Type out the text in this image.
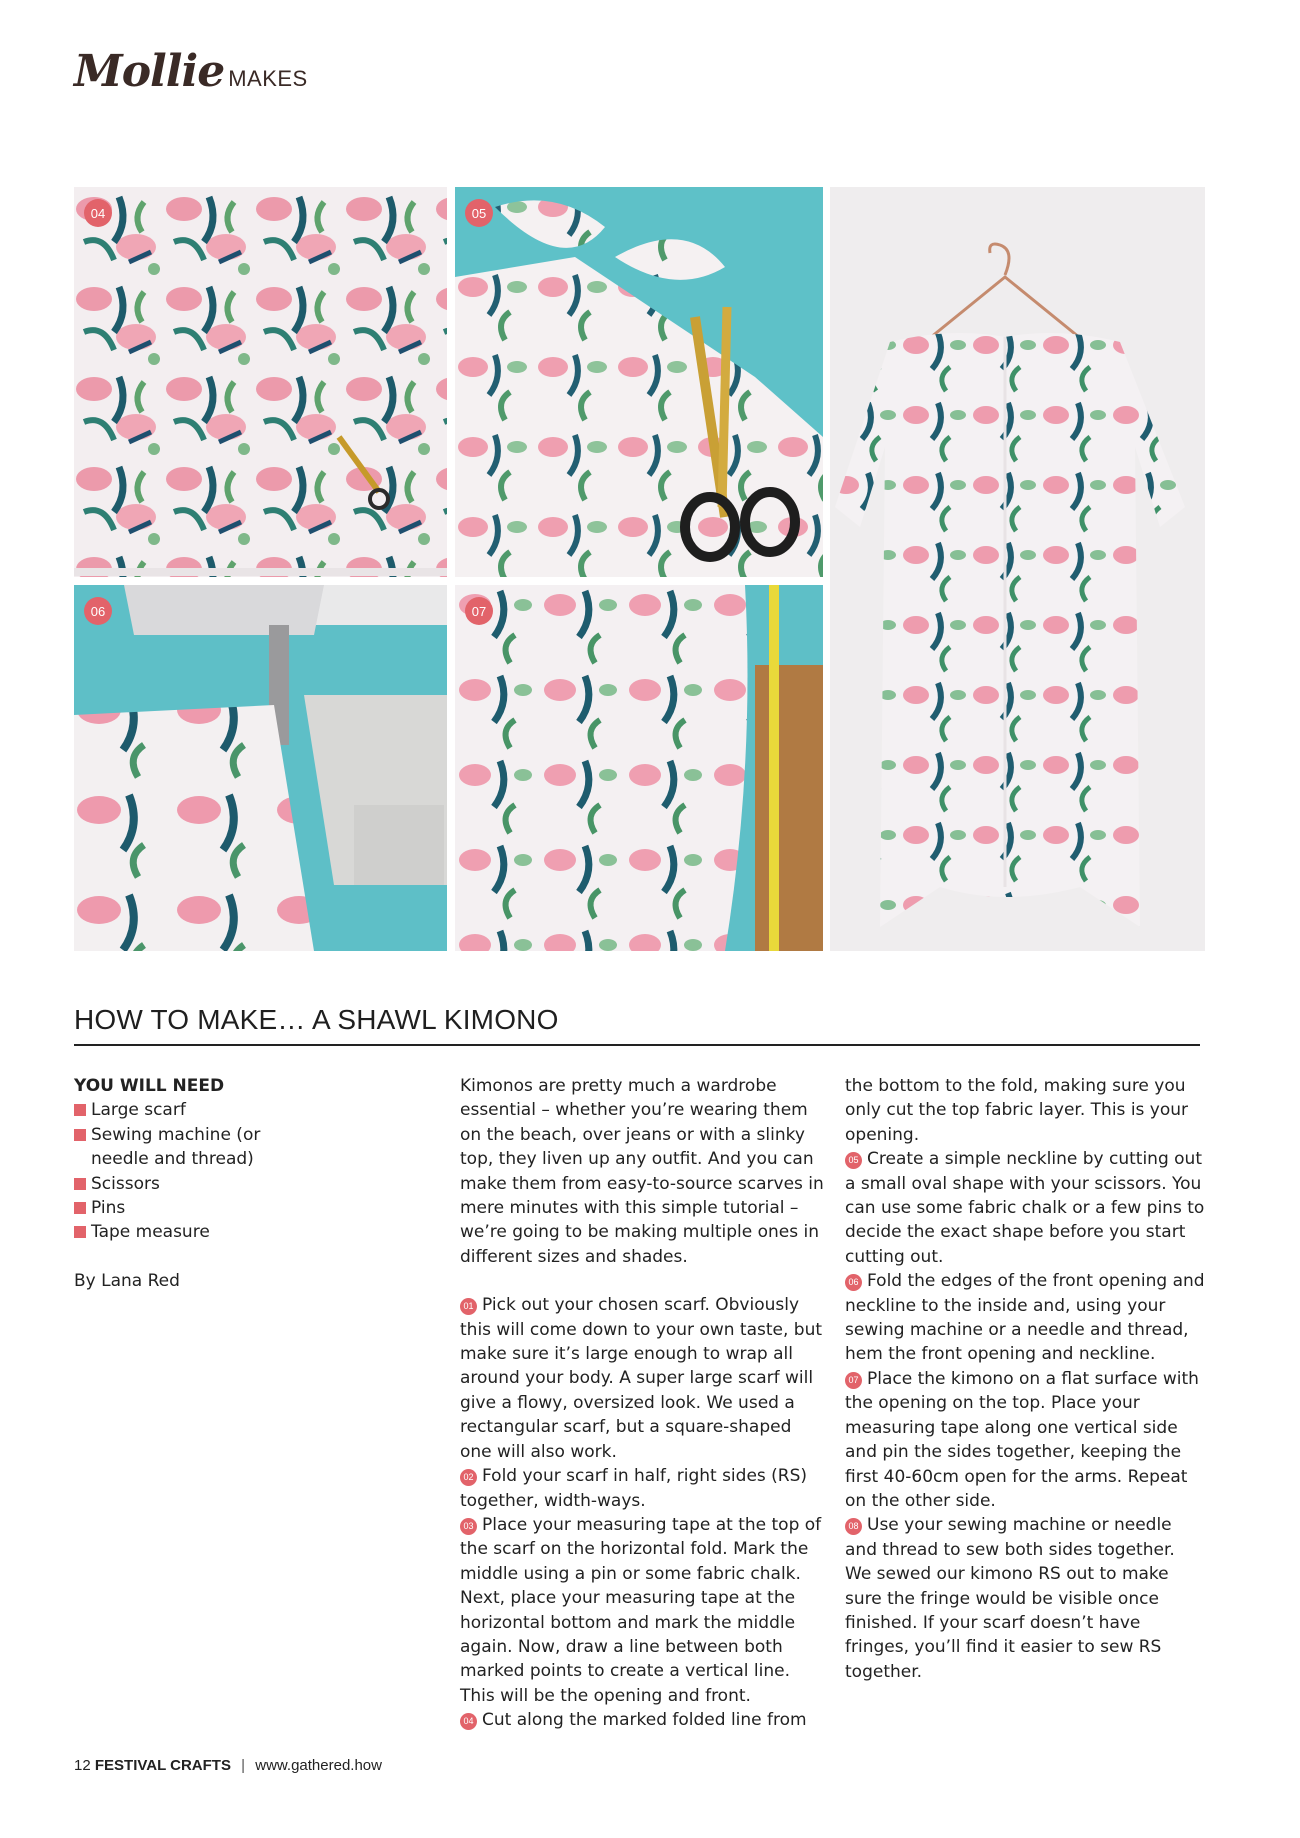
Mollie MAKES
04	05
06	07
HOW TO MAKE… A SHAWL KIMONO

YOU WILL NEED

Large scarf
Sewing machine (or needle and thread)
Scissors
Pins
Tape measure

By Lana Red

Kimonos are pretty much a wardrobe essential – whether you’re wearing them on the beach, over jeans or with a slinky top, they liven up any outfit. And you can make them from easy-to-source scarves in mere minutes with this simple tutorial – we’re going to be making multiple ones in different sizes and shades.

01 Pick out your chosen scarf. Obviously this will come down to your own taste, but make sure it’s large enough to wrap all around your body. A super large scarf will give a flowy, oversized look. We used a rectangular scarf, but a square-shaped one will also work.

02 Fold your scarf in half, right sides (RS) together, width-ways.

03 Place your measuring tape at the top of the scarf on the horizontal fold. Mark the middle using a pin or some fabric chalk. Next, place your measuring tape at the horizontal bottom and mark the middle again. Now, draw a line between both marked points to create a vertical line. This will be the opening and front.

04 Cut along the marked folded line from

the bottom to the fold, making sure you only cut the top fabric layer. This is your opening.

05 Create a simple neckline by cutting out a small oval shape with your scissors. You can use some fabric chalk or a few pins to decide the exact shape before you start cutting out.

06 Fold the edges of the front opening and neckline to the inside and, using your sewing machine or a needle and thread, hem the front opening and neckline.

07 Place the kimono on a flat surface with the opening on the top. Place your measuring tape along one vertical side and pin the sides together, keeping the first 40-60cm open for the arms. Repeat on the other side.

08 Use your sewing machine or needle and thread to sew both sides together. We sewed our kimono RS out to make sure the fringe would be visible once finished. If your scarf doesn’t have fringes, you’ll find it easier to sew RS together.

12 FESTIVAL CRAFTS | www.gathered.how
